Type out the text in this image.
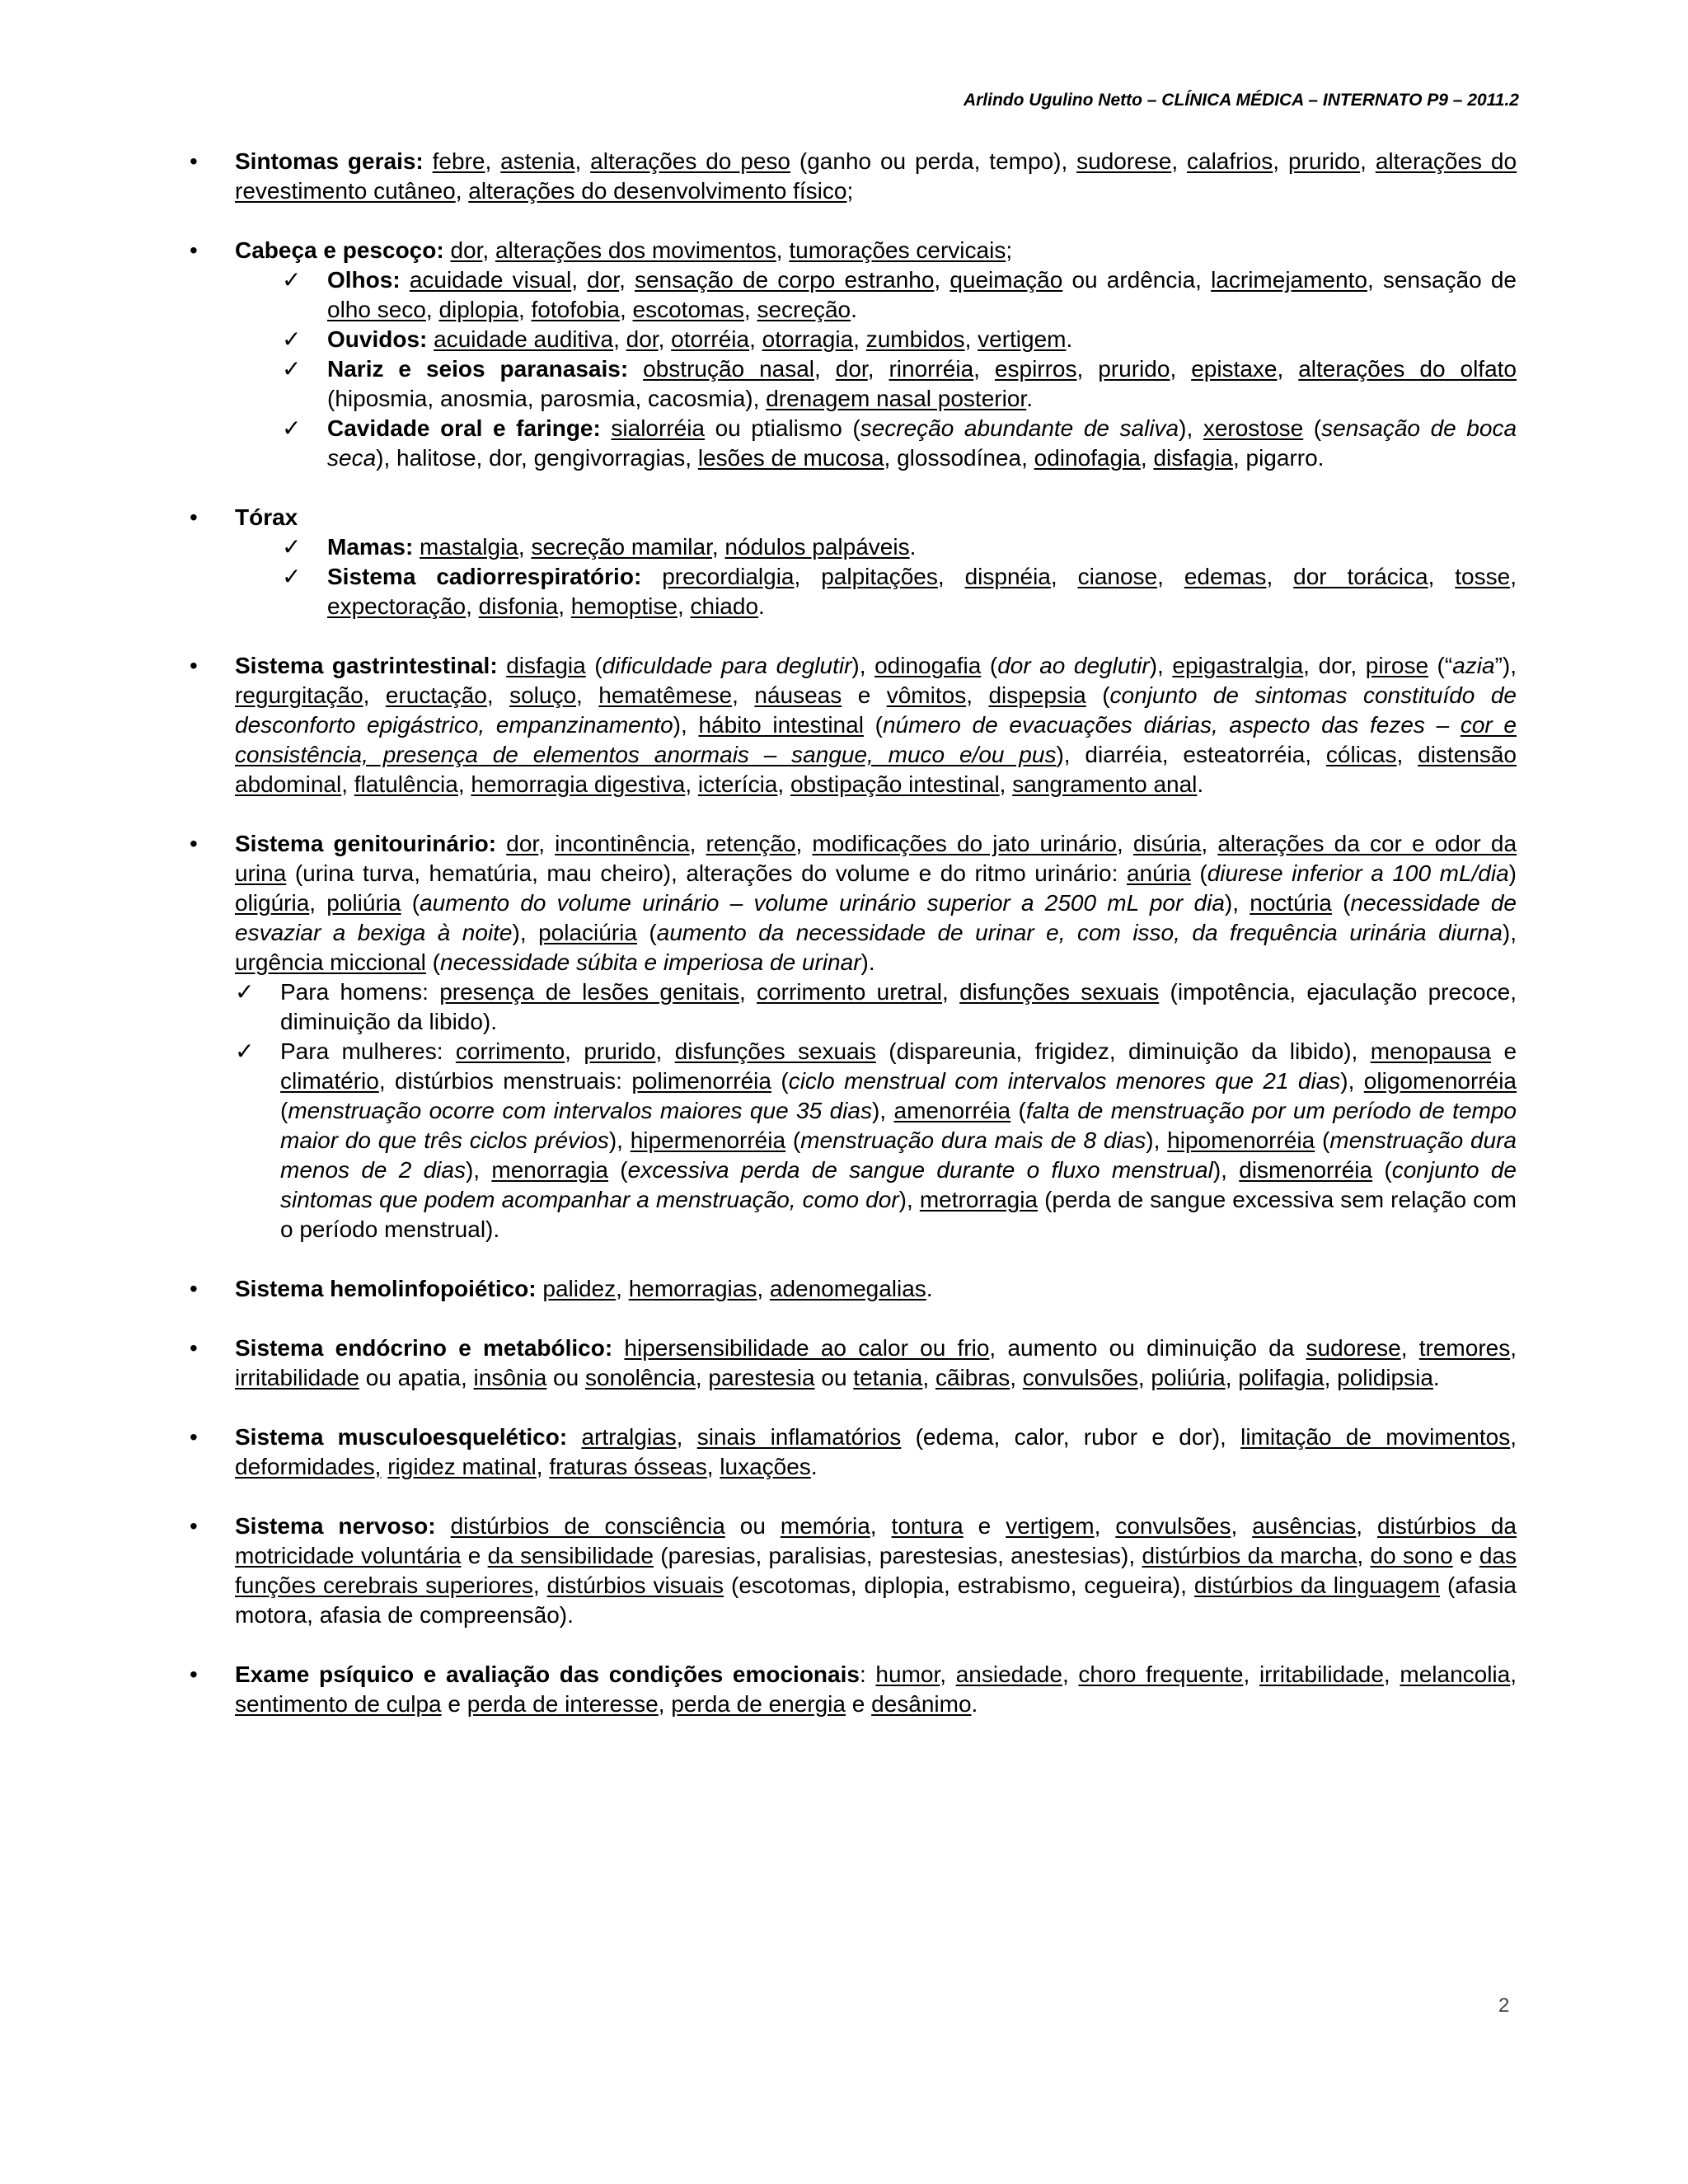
Arlindo Ugulino Netto – CLÍNICA MÉDICA – INTERNATO P9 – 2011.2
• Sintomas gerais: febre, astenia, alterações do peso (ganho ou perda, tempo), sudorese, calafrios, prurido, alterações do revestimento cutâneo, alterações do desenvolvimento físico;
• Cabeça e pescoço: dor, alterações dos movimentos, tumorações cervicais;
✓ Olhos: acuidade visual, dor, sensação de corpo estranho, queimação ou ardência, lacrimejamento, sensação de olho seco, diplopia, fotofobia, escotomas, secreção.
✓ Ouvidos: acuidade auditiva, dor, otorréia, otorragia, zumbidos, vertigem.
✓ Nariz e seios paranasais: obstrução nasal, dor, rinorréia, espirros, prurido, epistaxe, alterações do olfato (hiposmia, anosmia, parosmia, cacosmia), drenagem nasal posterior.
✓ Cavidade oral e faringe: sialorréia ou ptialismo (secreção abundante de saliva), xerostose (sensação de boca seca), halitose, dor, gengivorragias, lesões de mucosa, glossodínea, odinofagia, disfagia, pigarro.
• Tórax
✓ Mamas: mastalgia, secreção mamilar, nódulos palpáveis.
✓ Sistema cadiorrespiratório: precordialgia, palpitações, dispnéia, cianose, edemas, dor torácica, tosse, expectoração, disfonia, hemoptise, chiado.
• Sistema gastrintestinal: disfagia (dificuldade para deglutir), odinogafia (dor ao deglutir), epigastralgia, dor, pirose (“azia”), regurgitação, eructação, soluço, hematêmese, náuseas e vômitos, dispepsia (conjunto de sintomas constituído de desconforto epigástrico, empanzinamento), hábito intestinal (número de evacuações diárias, aspecto das fezes – cor e consistência, presença de elementos anormais – sangue, muco e/ou pus), diarréia, esteatorréia, cólicas, distensão abdominal, flatulência, hemorragia digestiva, icterícia, obstipação intestinal, sangramento anal.
• Sistema genitourinário: dor, incontinência, retenção, modificações do jato urinário, disúria, alterações da cor e odor da urina (urina turva, hematúria, mau cheiro), alterações do volume e do ritmo urinário: anúria (diurese inferior a 100 mL/dia) oligúria, poliúria (aumento do volume urinário – volume urinário superior a 2500 mL por dia), noctúria (necessidade de esvaziar a bexiga à noite), polaciúria (aumento da necessidade de urinar e, com isso, da frequência urinária diurna), urgência miccional (necessidade súbita e imperiosa de urinar).
✓ Para homens: presença de lesões genitais, corrimento uretral, disfunções sexuais (impotência, ejaculação precoce, diminuição da libido).
✓ Para mulheres: corrimento, prurido, disfunções sexuais (dispareunia, frigidez, diminuição da libido), menopausa e climatério, distúrbios menstruais: polimenorréia (ciclo menstrual com intervalos menores que 21 dias), oligomenorréia (menstruação ocorre com intervalos maiores que 35 dias), amenorréia (falta de menstruação por um período de tempo maior do que três ciclos prévios), hipermenorréia (menstruação dura mais de 8 dias), hipomenorréia (menstruação dura menos de 2 dias), menorragia (excessiva perda de sangue durante o fluxo menstrual), dismenorréia (conjunto de sintomas que podem acompanhar a menstruação, como dor), metrorragia (perda de sangue excessiva sem relação com o período menstrual).
• Sistema hemolinfopoiético: palidez, hemorragias, adenomegalias.
• Sistema endócrino e metabólico: hipersensibilidade ao calor ou frio, aumento ou diminuição da sudorese, tremores, irritabilidade ou apatia, insônia ou sonolência, parestesia ou tetania, cãibras, convulsões, poliúria, polifagia, polidipsia.
• Sistema musculoesquelético: artralgias, sinais inflamatórios (edema, calor, rubor e dor), limitação de movimentos, deformidades, rigidez matinal, fraturas ósseas, luxações.
• Sistema nervoso: distúrbios de consciência ou memória, tontura e vertigem, convulsões, ausências, distúrbios da motricidade voluntária e da sensibilidade (paresias, paralisias, parestesias, anestesias), distúrbios da marcha, do sono e das funções cerebrais superiores, distúrbios visuais (escotomas, diplopia, estrabismo, cegueira), distúrbios da linguagem (afasia motora, afasia de compreensão).
• Exame psíquico e avaliação das condições emocionais: humor, ansiedade, choro frequente, irritabilidade, melancolia, sentimento de culpa e perda de interesse, perda de energia e desânimo.
2
